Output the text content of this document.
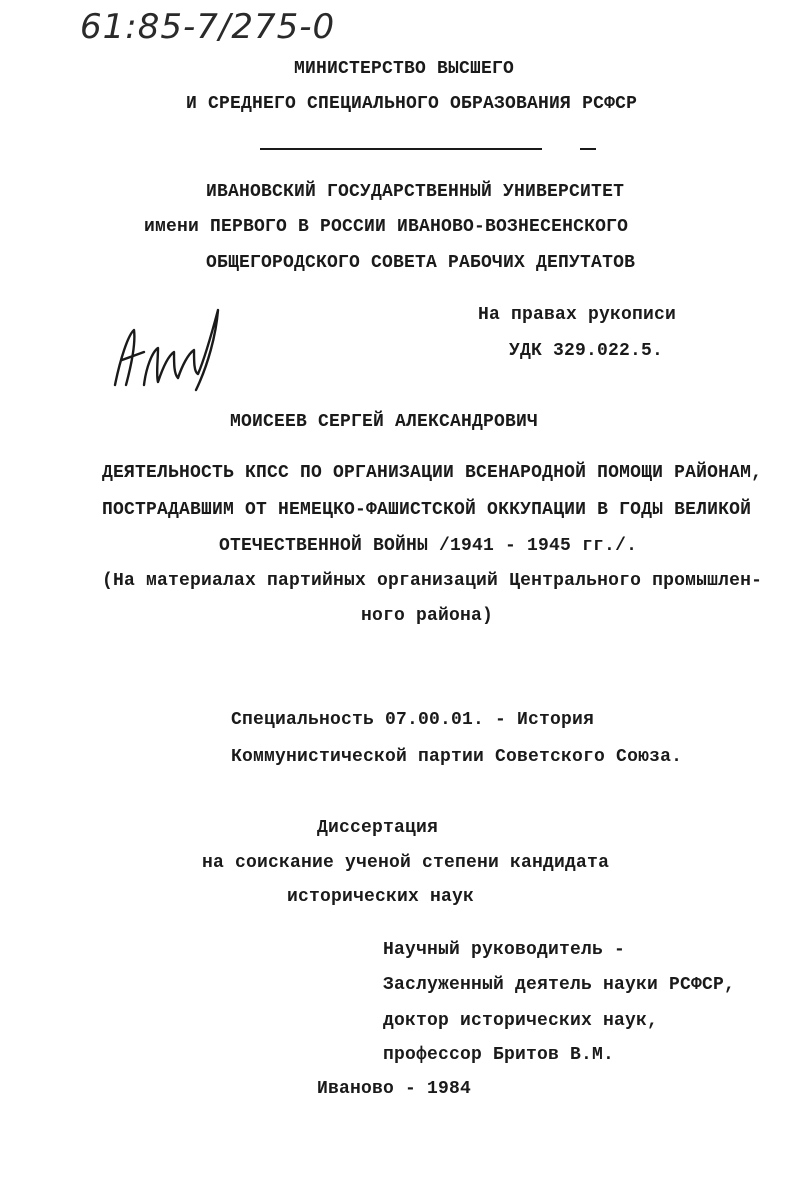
61:85-7/275-0
МИНИСТЕРСТВО ВЫСШЕГО
И СРЕДНЕГО СПЕЦИАЛЬНОГО ОБРАЗОВАНИЯ РСФСР
ИВАНОВСКИЙ ГОСУДАРСТВЕННЫЙ УНИВЕРСИТЕТ
имени ПЕРВОГО В РОССИИ ИВАНОВО-ВОЗНЕСЕНСКОГО
ОБЩЕГОРОДСКОГО СОВЕТА РАБОЧИХ ДЕПУТАТОВ
На правах рукописи
УДК 329.022.5.
МОИСЕЕВ СЕРГЕЙ АЛЕКСАНДРОВИЧ
ДЕЯТЕЛЬНОСТЬ КПСС ПО ОРГАНИЗАЦИИ ВСЕНАРОДНОЙ ПОМОЩИ РАЙОНАМ,
ПОСТРАДАВШИМ ОТ НЕМЕЦКО-ФАШИСТСКОЙ ОККУПАЦИИ В ГОДЫ ВЕЛИКОЙ
ОТЕЧЕСТВЕННОЙ ВОЙНЫ /1941 - 1945 гг./.
(На материалах партийных организаций Центрального промышлен-
ного района)
Специальность 07.00.01. - История
Коммунистической партии Советского Союза.
Диссертация
на соискание ученой степени кандидата
исторических наук
Научный руководитель -
Заслуженный деятель науки РСФСР,
доктор исторических наук,
профессор Бритов В.М.
Иваново - 1984
